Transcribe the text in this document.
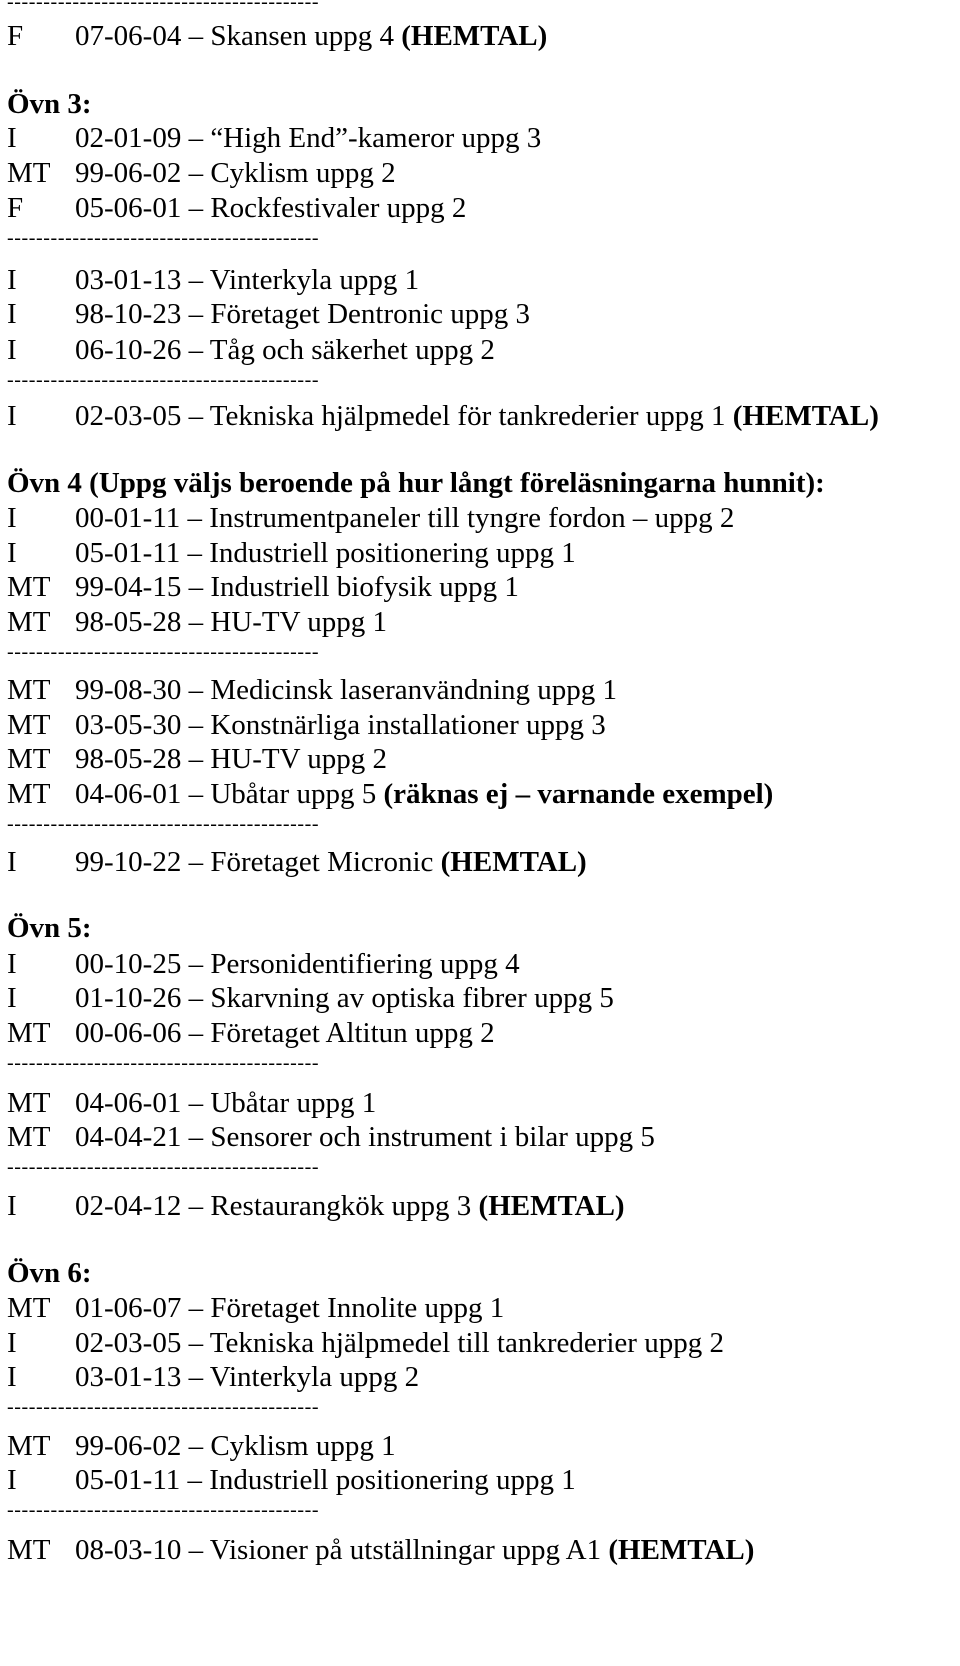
-------------------------------------------
F 07-06-04 – Skansen uppg 4 (HEMTAL)
Övn 3:
I 02-01-09 – “High End”-kameror uppg 3
MT 99-06-02 – Cyklism uppg 2
F 05-06-01 – Rockfestivaler uppg 2
-------------------------------------------
I 03-01-13 – Vinterkyla uppg 1
I 98-10-23 – Företaget Dentronic uppg 3
I 06-10-26 – Tåg och säkerhet uppg 2
-------------------------------------------
I 02-03-05 – Tekniska hjälpmedel för tankrederier uppg 1 (HEMTAL)
Övn 4 (Uppg väljs beroende på hur långt föreläsningarna hunnit):
I 00-01-11 – Instrumentpaneler till tyngre fordon – uppg 2
I 05-01-11 – Industriell positionering uppg 1
MT 99-04-15 – Industriell biofysik uppg 1
MT 98-05-28 – HU-TV uppg 1
-------------------------------------------
MT 99-08-30 – Medicinsk laseranvändning uppg 1
MT 03-05-30 – Konstnärliga installationer uppg 3
MT 98-05-28 – HU-TV uppg 2
MT 04-06-01 – Ubåtar uppg 5 (räknas ej – varnande exempel)
-------------------------------------------
I 99-10-22 – Företaget Micronic (HEMTAL)
Övn 5:
I 00-10-25 – Personidentifiering uppg 4
I 01-10-26 – Skarvning av optiska fibrer uppg 5
MT 00-06-06 – Företaget Altitun uppg 2
-------------------------------------------
MT 04-06-01 – Ubåtar uppg 1
MT 04-04-21 – Sensorer och instrument i bilar uppg 5
-------------------------------------------
I 02-04-12 – Restaurangkök uppg 3 (HEMTAL)
Övn 6:
MT 01-06-07 – Företaget Innolite uppg 1
I 02-03-05 – Tekniska hjälpmedel till tankrederier uppg 2
I 03-01-13 – Vinterkyla uppg 2
-------------------------------------------
MT 99-06-02 – Cyklism uppg 1
I 05-01-11 – Industriell positionering uppg 1
-------------------------------------------
MT 08-03-10 – Visioner på utställningar uppg A1 (HEMTAL)
